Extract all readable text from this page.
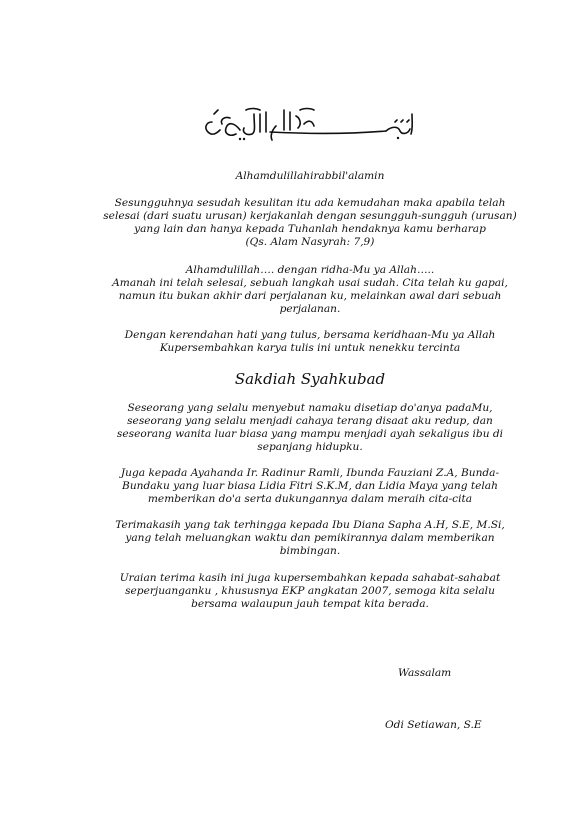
Alhamdulillahirabbil'alamin

Sesungguhnya sesudah kesulitan itu ada kemudahan maka apabila telah

selesai (dari suatu urusan) kerjakanlah dengan sesungguh-sungguh (urusan)

yang lain dan hanya kepada Tuhanlah hendaknya kamu berharap

(Qs. Alam Nasyrah: 7,9)

Alhamdulillah…. dengan ridha-Mu ya Allah…..

Amanah ini telah selesai, sebuah langkah usai sudah. Cita telah ku gapai,

namun itu bukan akhir dari perjalanan ku, melainkan awal dari sebuah

perjalanan.

Dengan kerendahan hati yang tulus, bersama keridhaan-Mu ya Allah

Kupersembahkan karya tulis ini untuk nenekku tercinta

Sakdiah Syahkubad

Seseorang yang selalu menyebut namaku disetiap do'anya padaMu,

seseorang yang selalu menjadi cahaya terang disaat aku redup, dan

seseorang wanita luar biasa yang mampu menjadi ayah sekaligus ibu di

sepanjang hidupku.

Juga kepada Ayahanda Ir. Radinur Ramli, Ibunda Fauziani Z.A, Bunda-

Bundaku yang luar biasa Lidia Fitri S.K.M, dan Lidia Maya yang telah

memberikan do'a serta dukungannya dalam meraih cita-cita

Terimakasih yang tak terhingga kepada Ibu Diana Sapha A.H, S.E, M.Si,

yang telah meluangkan waktu dan pemikirannya dalam memberikan

bimbingan.

Uraian terima kasih ini juga kupersembahkan kepada sahabat-sahabat

seperjuanganku , khususnya EKP angkatan 2007, semoga kita selalu

bersama walaupun jauh tempat kita berada.

Wassalam
Odi Setiawan, S.E
